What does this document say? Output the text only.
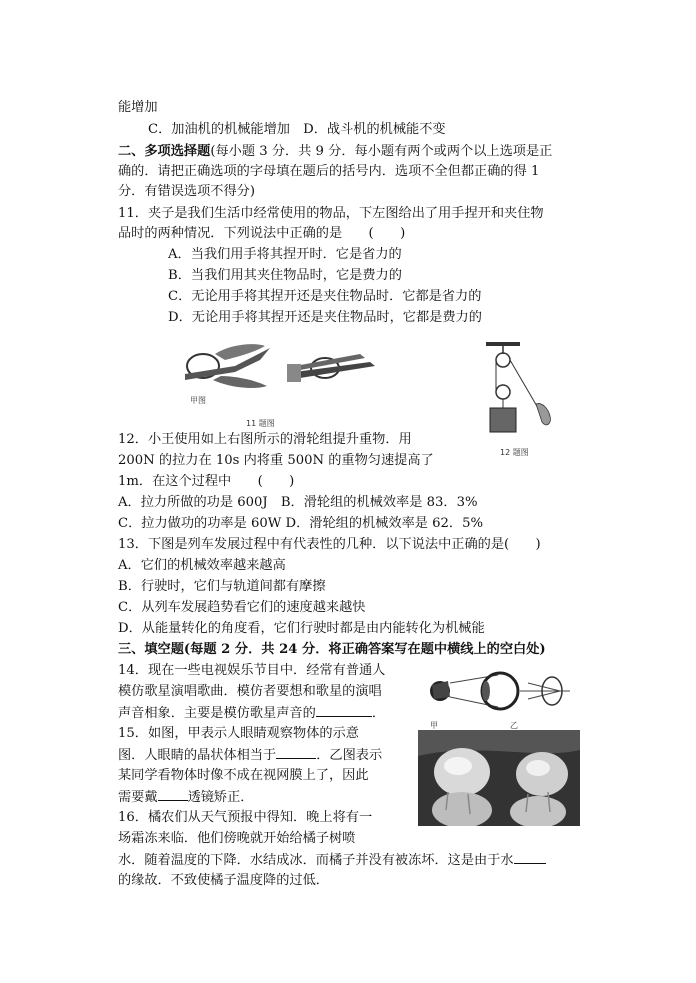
能增加
C．加油机的机械能增加　D．战斗机的机械能不变
二、多项选择题(每小题 3 分．共 9 分．每小题有两个或两个以上选项是正
确的．请把正确选项的字母填在题后的括号内．选项不全但都正确的得 1
分．有错误选项不得分)
11．夹子是我们生活巾经常使用的物品，下左图给出了用手捏开和夹住物
品时的两种情况．下列说法中正确的是　　(　　)
A．当我们用手将其捏开时．它是省力的
B．当我们用其夹住物品时，它是费力的
C．无论用手将其捏开还是夹住物品时．它都是省力的
D．无论用手将其捏开还是夹住物品时，它都是费力的
甲图
11 题图
12 题图
12．小王使用如上右图所示的滑轮组提升重物．用
200N 的拉力在 10s 内将重 500N 的重物匀速提高了
1m．在这个过程中　　(　　)
A．拉力所做的功是 600J　B．滑轮组的机械效率是 83．3%
C．拉力做功的功率是 60W D．滑轮组的机械效率是 62．5%
13．下图是列车发展过程中有代表性的几种．以下说法中正确的是(　　)
A．它们的机械效率越来越高
B．行驶时，它们与轨道间都有摩擦
C．从列车发展趋势看它们的速度越来越快
D．从能量转化的角度看，它们行驶时都是由内能转化为机械能
三、填空题(每题 2 分．共 24 分．将正确答案写在题中横线上的空白处)
14．现在一些电视娱乐节目中．经常有普通人
模仿歌星演唱歌曲．模仿者要想和歌星的演唱
声音相象．主要是模仿歌星声音的	．
15．如图，甲表示人眼睛观察物体的示意
图．人眼睛的晶状体相当于	．乙图表示
某同学看物体时像不成在视网膜上了，因此
需要戴 透镜矫正．
甲	乙
16．橘农们从天气预报中得知．晚上将有一
场霜冻来临．他们傍晚就开始给橘子树喷
水．随着温度的下降．水结成冰．而橘子并没有被冻坏．这是由于水
的缘故．不致使橘子温度降的过低．
